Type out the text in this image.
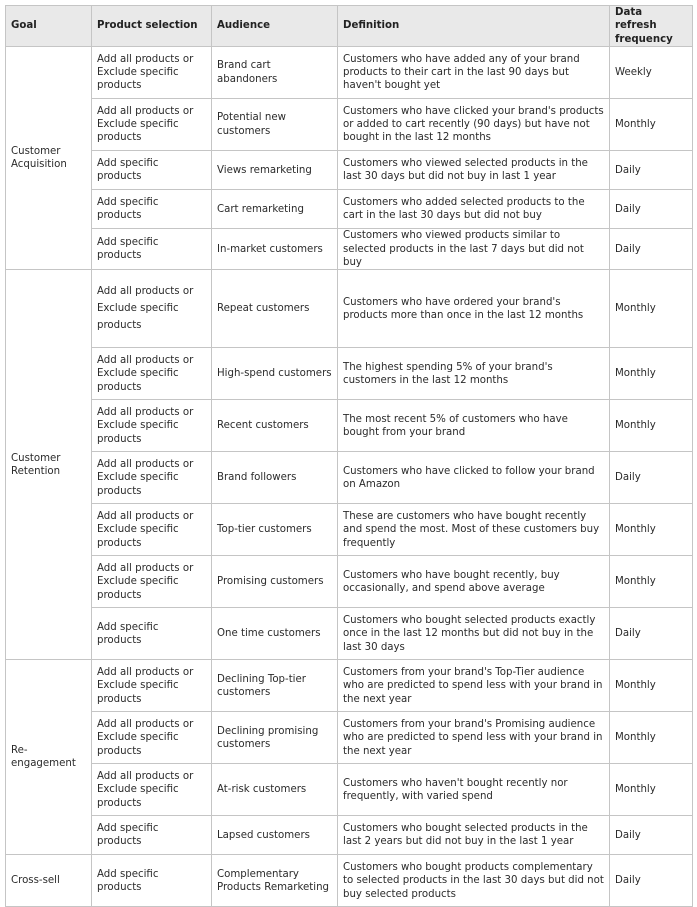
Goal	Product selection	Audience	Definition	Data refresh frequency
Customer Acquisition	Add all products or Exclude specific products	Brand cart abandoners	Customers who have added any of your brand products to their cart in the last 90 days but haven't bought yet	Weekly
	Add all products or Exclude specific products	Potential new customers	Customers who have clicked your brand's products or added to cart recently (90 days) but have not bought in the last 12 months	Monthly
	Add specific products	Views remarketing	Customers who viewed selected products in the last 30 days but did not buy in last 1 year	Daily
	Add specific products	Cart remarketing	Customers who added selected products to the cart in the last 30 days but did not buy	Daily
	Add specific products	In-market customers	Customers who viewed products similar to selected products in the last 7 days but did not buy	Daily
Customer Retention	Add all products or Exclude specific products	Repeat customers	Customers who have ordered your brand's products more than once in the last 12 months	Monthly
	Add all products or Exclude specific products	High-spend customers	The highest spending 5% of your brand's customers in the last 12 months	Monthly
	Add all products or Exclude specific products	Recent customers	The most recent 5% of customers who have bought from your brand	Monthly
	Add all products or Exclude specific products	Brand followers	Customers who have clicked to follow your brand on Amazon	Daily
	Add all products or Exclude specific products	Top-tier customers	These are customers who have bought recently and spend the most. Most of these customers buy frequently	Monthly
	Add all products or Exclude specific products	Promising customers	Customers who have bought recently, buy occasionally, and spend above average	Monthly
	Add specific products	One time customers	Customers who bought selected products exactly once in the last 12 months but did not buy in the last 30 days	Daily
Re-engagement	Add all products or Exclude specific products	Declining Top-tier customers	Customers from your brand's Top-Tier audience who are predicted to spend less with your brand in the next year	Monthly
	Add all products or Exclude specific products	Declining promising customers	Customers from your brand's Promising audience who are predicted to spend less with your brand in the next year	Monthly
	Add all products or Exclude specific products	At-risk customers	Customers who haven't bought recently nor frequently, with varied spend	Monthly
	Add specific products	Lapsed customers	Customers who bought selected products in the last 2 years but did not buy in the last 1 year	Daily
Cross-sell	Add specific products	Complementary Products Remarketing	Customers who bought products complementary to selected products in the last 30 days but did not buy selected products	Daily
